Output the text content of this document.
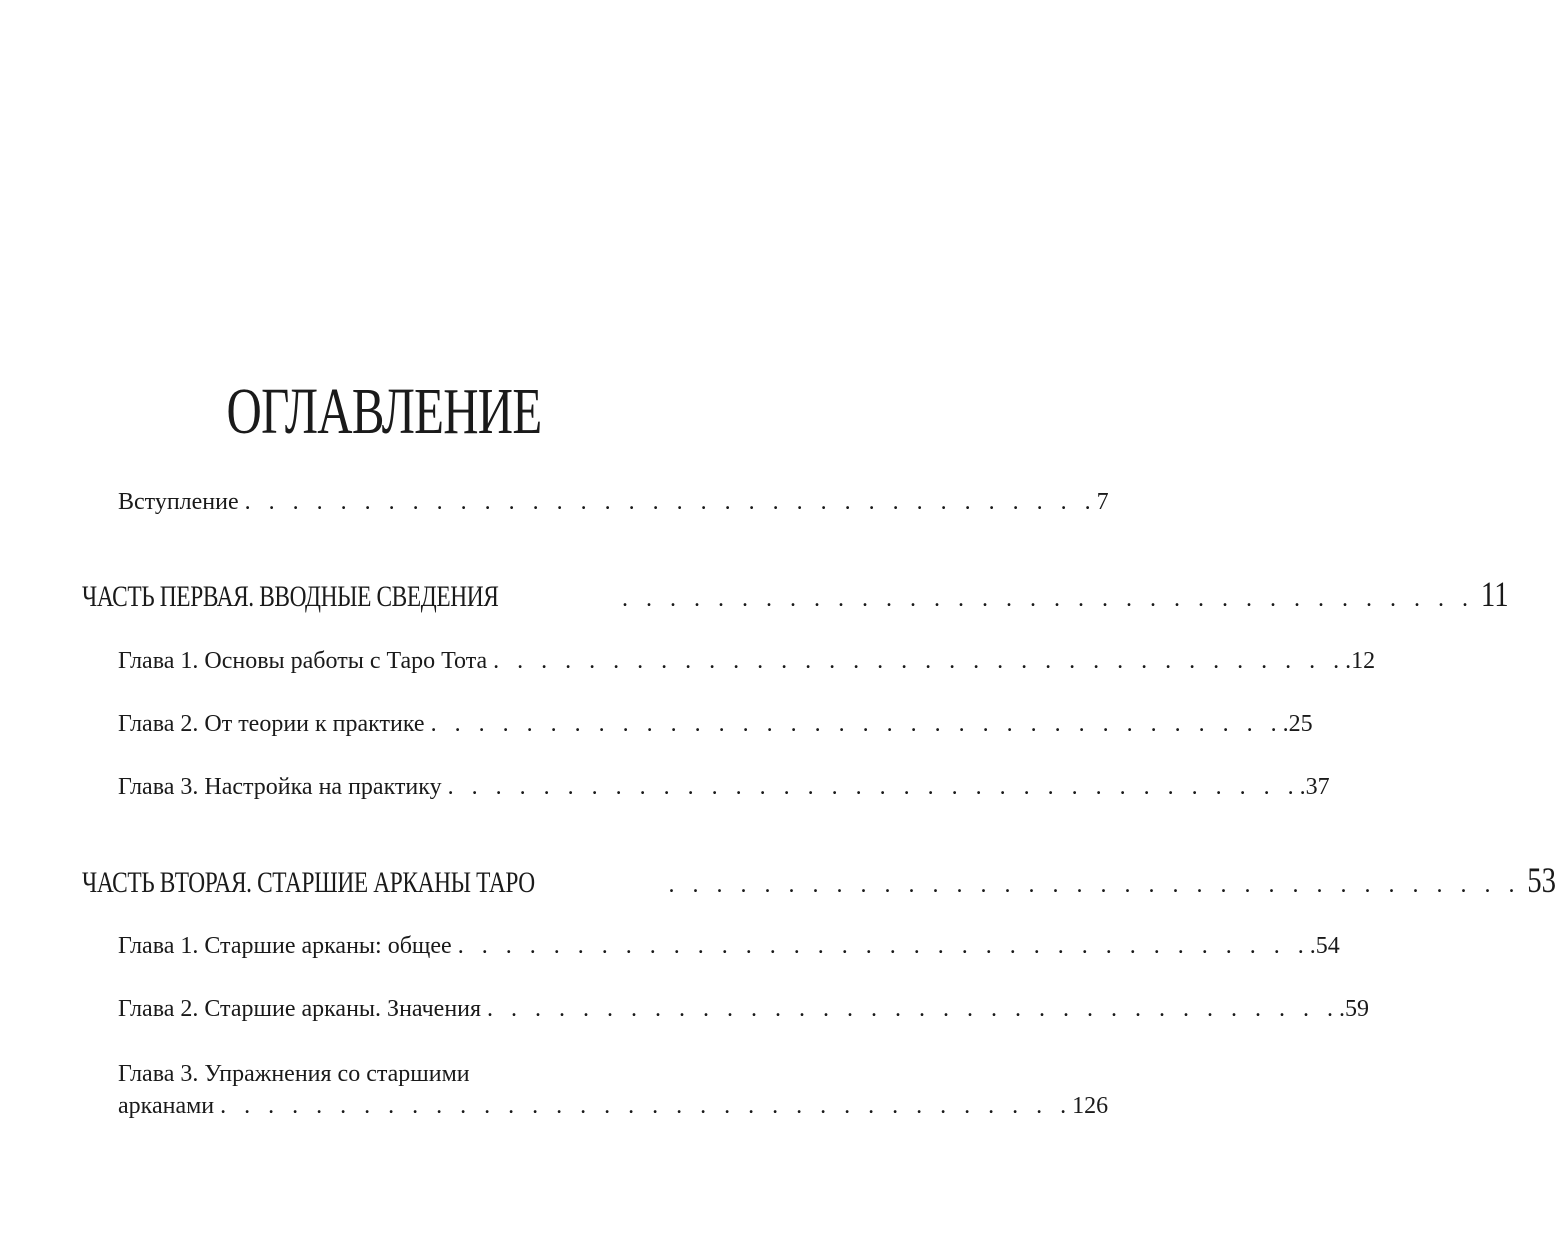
ОГЛАВЛЕНИЕ
Вступление . . . . . . . . . . . . . . . . . . . . . . . . . . . . . . . . . . . . 7
ЧАСТЬ ПЕРВАЯ. ВВОДНЫЕ СВЕДЕНИЯ	. . . . . . . . . . . . . . . . . . . . . . . . . . . . . . . . . . . . 11
Глава 1. Основы работы с Таро Тота . . . . . . . . . . . . . . . . . . . . . . . . . . . . . . . . . . . . .12
Глава 2. От теории к практике . . . . . . . . . . . . . . . . . . . . . . . . . . . . . . . . . . . . .25
Глава 3. Настройка на практику . . . . . . . . . . . . . . . . . . . . . . . . . . . . . . . . . . . . .37
ЧАСТЬ ВТОРАЯ. СТАРШИЕ АРКАНЫ ТАРО	. . . . . . . . . . . . . . . . . . . . . . . . . . . . . . . . . . . . 53
Глава 1. Старшие арканы: общее . . . . . . . . . . . . . . . . . . . . . . . . . . . . . . . . . . . . .54
Глава 2. Старшие арканы. Значения . . . . . . . . . . . . . . . . . . . . . . . . . . . . . . . . . . . . .59
Глава 3. Упражнения со старшими
арканами . . . . . . . . . . . . . . . . . . . . . . . . . . . . . . . . . . . . 126
